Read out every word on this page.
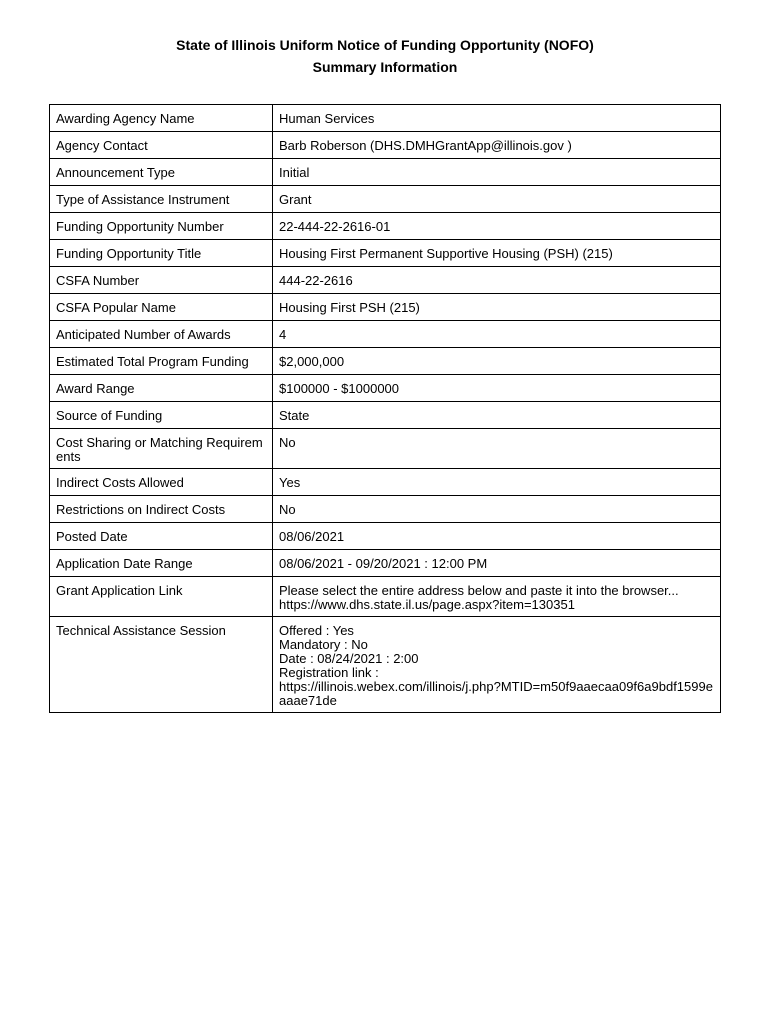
State of Illinois Uniform Notice of Funding Opportunity (NOFO)
Summary Information
Awarding Agency Name	Human Services

Agency Contact	Barb Roberson (DHS.DMHGrantApp@illinois.gov )

Announcement Type	Initial

Type of Assistance Instrument	Grant

Funding Opportunity Number	22-444-22-2616-01

Funding Opportunity Title	Housing First Permanent Supportive Housing (PSH) (215)

CSFA Number	444-22-2616

CSFA Popular Name	Housing First PSH (215)

Anticipated Number of Awards	4

Estimated Total Program Funding	$2,000,000

Award Range	$100000 - $1000000

Source of Funding	State

Cost Sharing or Matching Requirements	No

Indirect Costs Allowed	Yes

Restrictions on Indirect Costs	No

Posted Date	08/06/2021

Application Date Range	08/06/2021 - 09/20/2021 : 12:00 PM

Grant Application Link	Please select the entire address below and paste it into the browser...
https://www.dhs.state.il.us/page.aspx?item=130351

Technical Assistance Session	Offered : Yes
Mandatory : No
Date : 08/24/2021 : 2:00
Registration link :
https://illinois.webex.com/illinois/j.php?MTID=m50f9aaecaa09f6a9bdf1599eaaae71de
